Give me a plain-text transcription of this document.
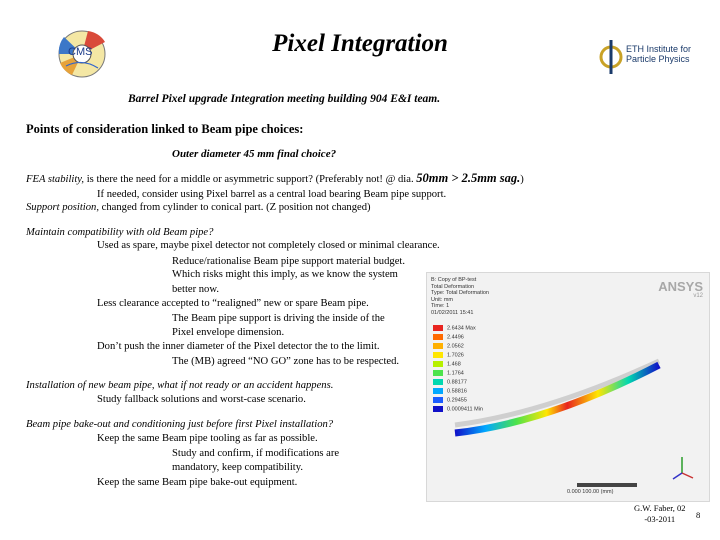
CMS	ETH Institute for
Particle Physics
Pixel Integration
Barrel Pixel upgrade Integration meeting building 904 E&I team.
Points of consideration linked to Beam pipe choices:
Outer diameter 45 mm final choice?
FEA stability, is there the need for a middle or asymmetric support? (Preferably not! @ dia. 50mm > 2.5mm sag.)
If needed, consider using Pixel barrel as a central load bearing Beam pipe support.
Support position, changed from cylinder to conical part. (Z position not changed)
Maintain compatibility with old Beam pipe?
Used as spare, maybe pixel detector not completely closed or minimal clearance.
Reduce/rationalise Beam pipe support material budget.
Which risks might this imply, as we know the system
better now.
Less clearance accepted to “realigned” new or spare Beam pipe.
The Beam pipe support is driving the inside of the
Pixel envelope dimension.
Don’t push the inner diameter of the Pixel detector the to the limit.
The (MB) agreed “NO GO” zone has to be respected.
Installation of new beam pipe, what if not ready or an accident happens.
Study fallback solutions and worst-case scenario.
Beam pipe bake-out and conditioning just before first Pixel installation?
Keep the same Beam pipe tooling as far as possible.
Study and confirm, if modifications are
mandatory, keep compatibility.
Keep the same Beam pipe bake-out equipment.
B: Copy of BP-test
Total Deformation
Type: Total Deformation
Unit: mm
Time: 1
01/02/2011 15:41
ANSYS
v12
2.6434 Max
2.4496
2.0562
1.7026
1.468
1.1764
0.88177
0.58816
0.29455
0.0009411 Min
0.000 100.00 (mm)
G.W. Faber, 02
-03-2011	8
